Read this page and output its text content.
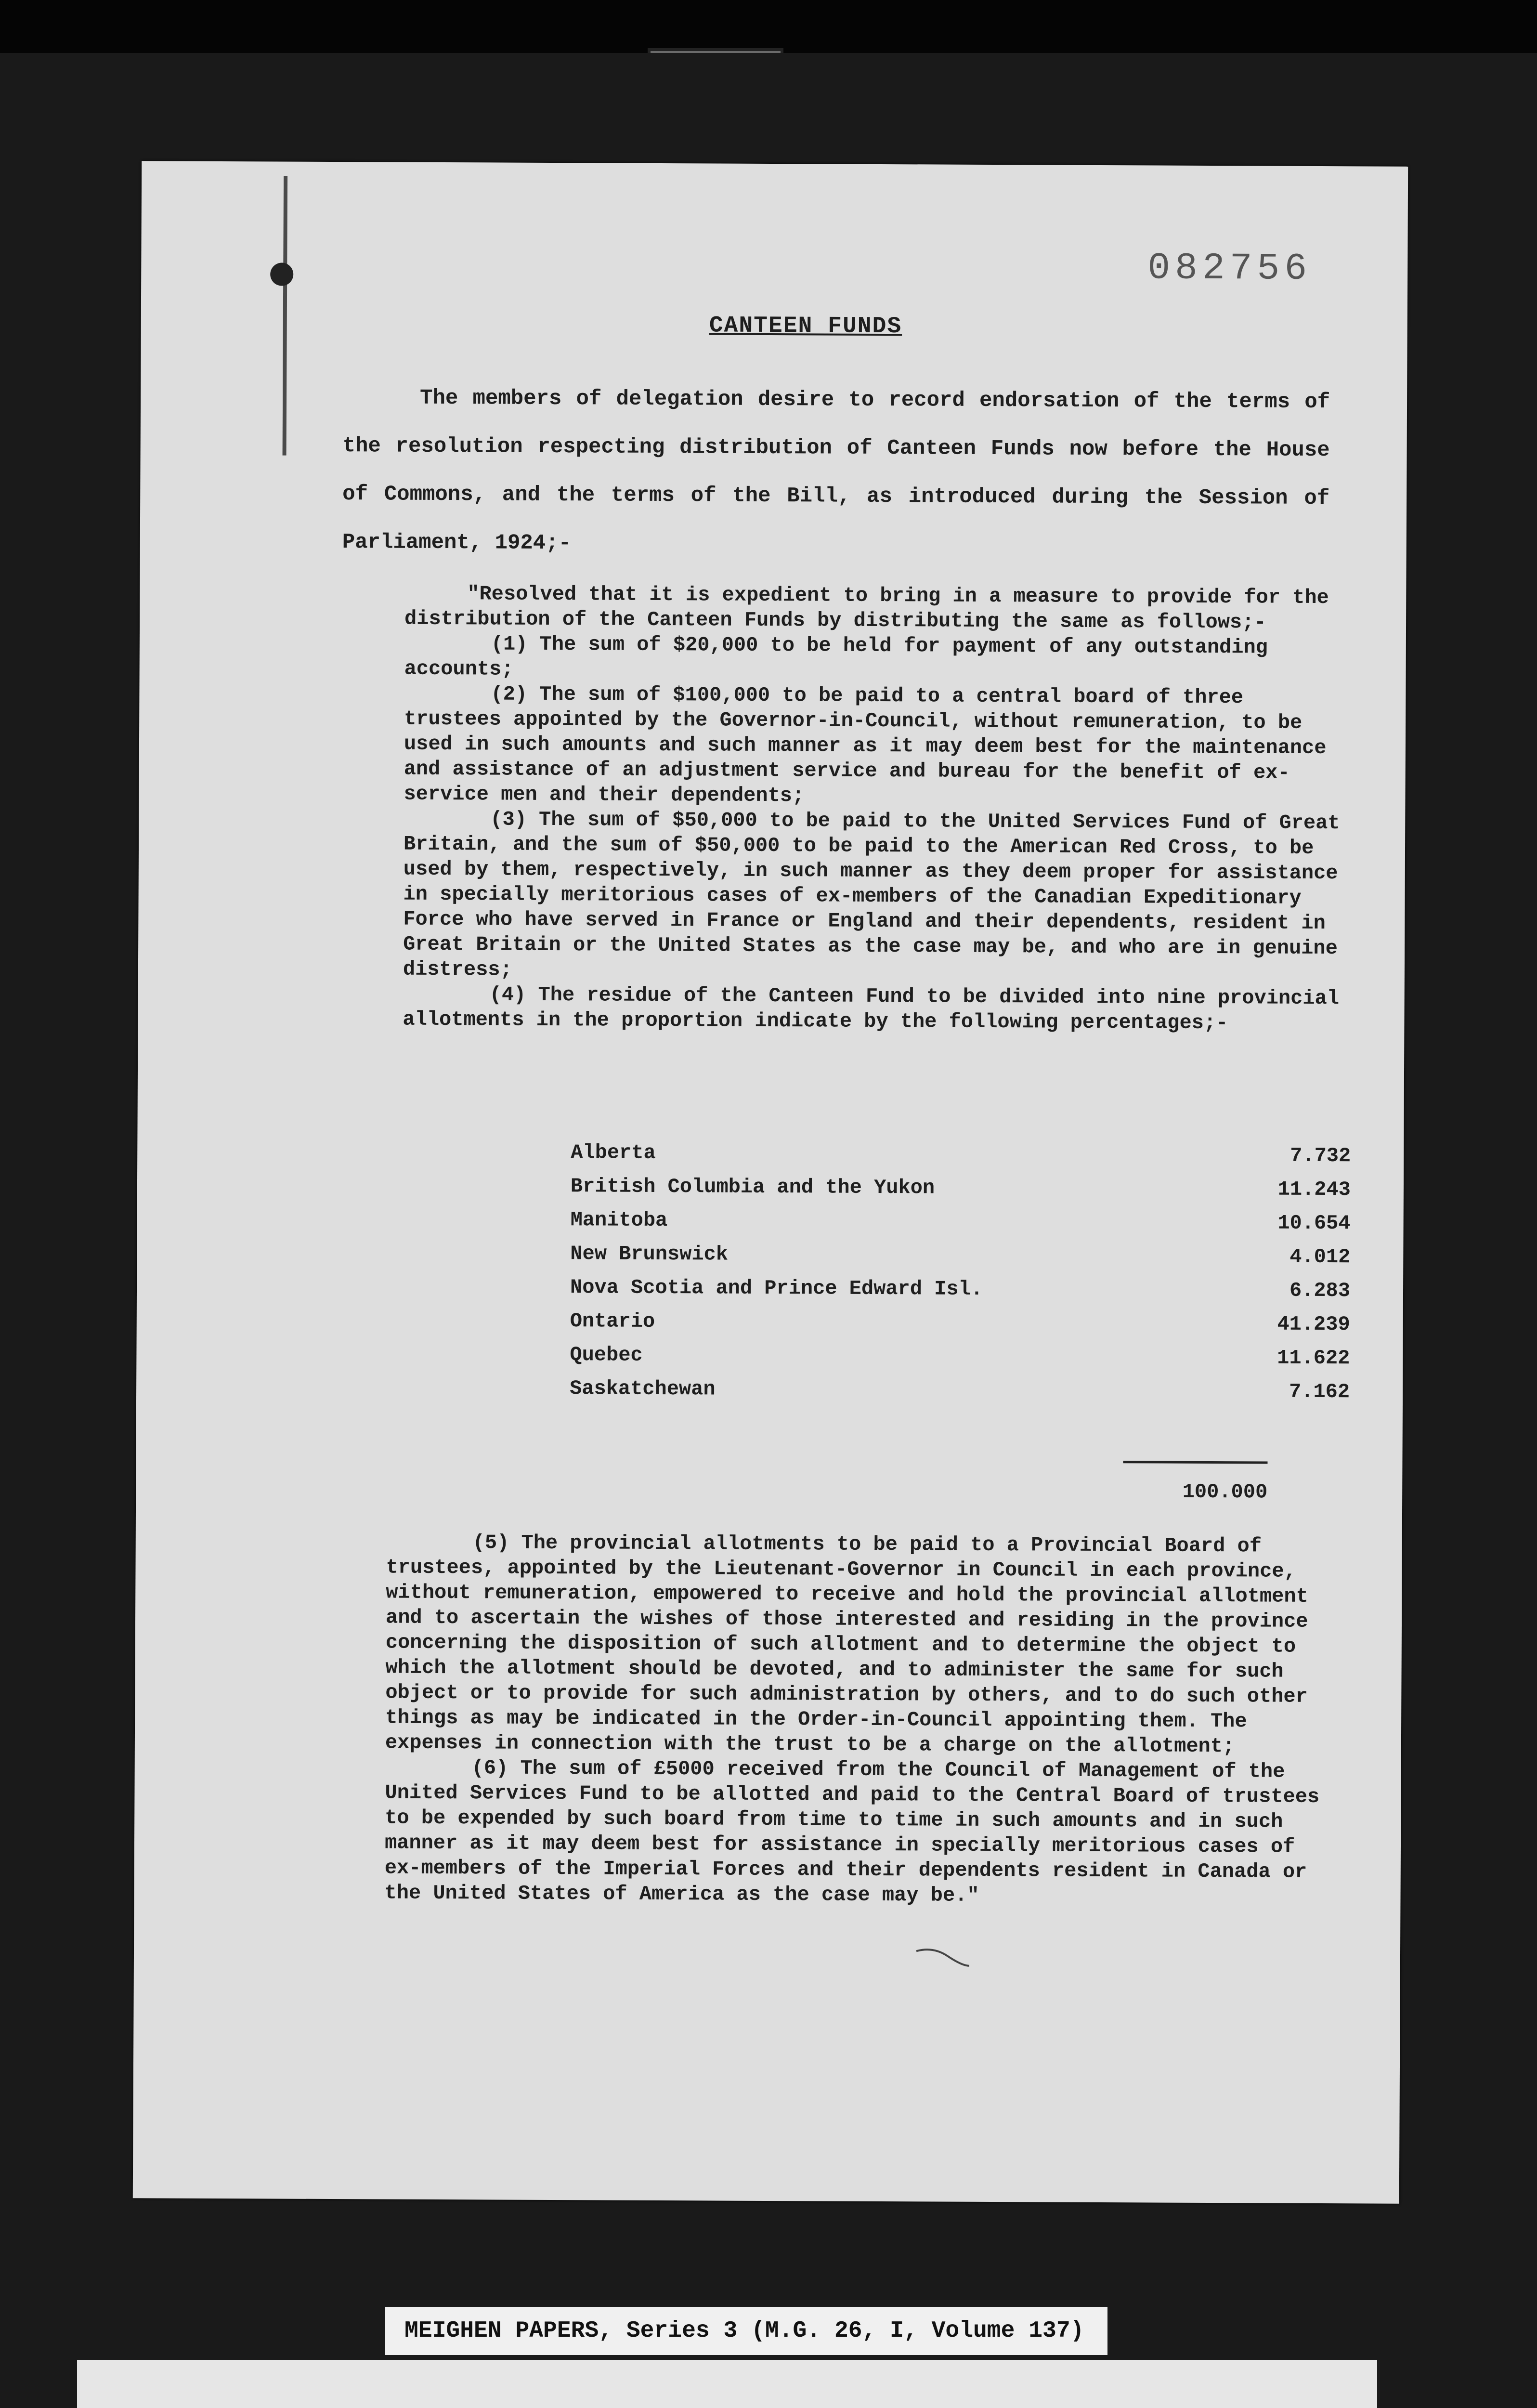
082756
CANTEEN FUNDS

The members of delegation desire to record endorsation of the terms of the resolution respecting distribution of Canteen Funds now before the House of Commons, and the terms of the Bill, as introduced during the Session of Parliament, 1924;-

"Resolved that it is expedient to bring in a measure to provide for the distribution of the Canteen Funds by distributing the same as follows;-

(1) The sum of $20,000 to be held for payment of any outstanding accounts;

(2) The sum of $100,000 to be paid to a central board of three trustees appointed by the Governor-in-Council, without remuneration, to be used in such amounts and such manner as it may deem best for the maintenance and assistance of an adjustment service and bureau for the benefit of ex-service men and their dependents;

(3) The sum of $50,000 to be paid to the United Services Fund of Great Britain, and the sum of $50,000 to be paid to the American Red Cross, to be used by them, respectively, in such manner as they deem proper for assistance in specially meritorious cases of ex-members of the Canadian Expeditionary Force who have served in France or England and their dependents, resident in Great Britain or the United States as the case may be, and who are in genuine distress;

(4) The residue of the Canteen Fund to be divided into nine provincial allotments in the proportion indicate by the following percentages;-

Alberta	7.732
British Columbia and the Yukon	11.243
Manitoba	10.654
New Brunswick	4.012
Nova Scotia and Prince Edward Isl.	6.283
Ontario	41.239
Quebec	11.622
Saskatchewan	7.162
100.000

(5) The provincial allotments to be paid to a Provincial Board of trustees, appointed by the Lieutenant-Governor in Council in each province, without remuneration, empowered to receive and hold the provincial allotment and to ascertain the wishes of those interested and residing in the province concerning the disposition of such allotment and to determine the object to which the allotment should be devoted, and to administer the same for such object or to provide for such administration by others, and to do such other things as may be indicated in the Order-in-Council appointing them. The expenses in connection with the trust to be a charge on the allotment;

(6) The sum of £5000 received from the Council of Management of the United Services Fund to be allotted and paid to the Central Board of trustees to be expended by such board from time to time in such amounts and in such manner as it may deem best for assistance in specially meritorious cases of ex-members of the Imperial Forces and their dependents resident in Canada or the United States of America as the case may be."

MEIGHEN PAPERS, Series 3 (M.G. 26, I, Volume 137)
